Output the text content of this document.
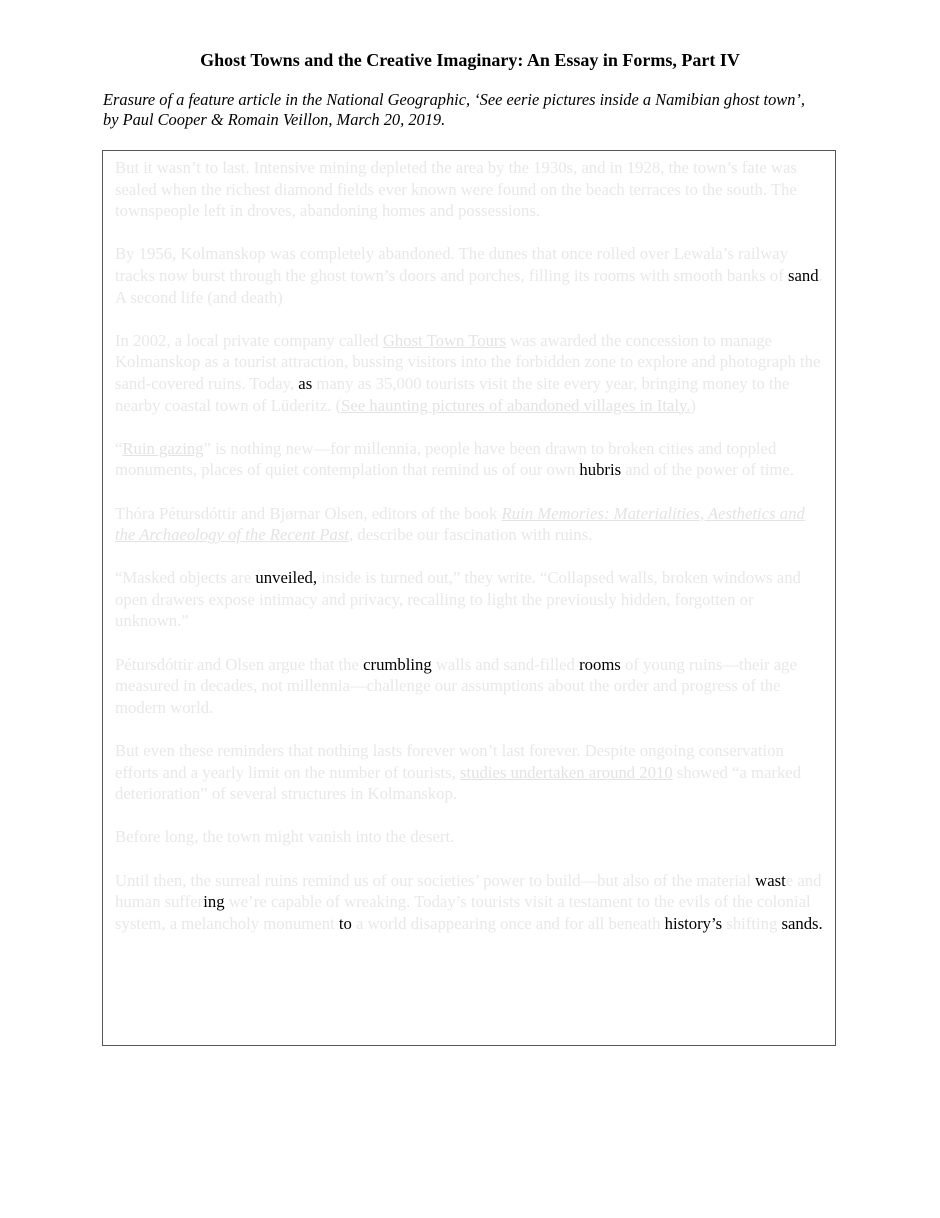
Ghost Towns and the Creative Imaginary: An Essay in Forms, Part IV

Erasure of a feature article in the National Geographic, ‘See eerie pictures inside a Namibian ghost town’, by Paul Cooper & Romain Veillon, March 20, 2019.

But it wasn’t to last. Intensive mining depleted the area by the 1930s, and in 1928, the town’s fate was sealed when the richest diamond fields ever known were found on the beach terraces to the south. The townspeople left in droves, abandoning homes and possessions.

By 1956, Kolmanskop was completely abandoned. The dunes that once rolled over Lewala’s railway tracks now burst through the ghost town’s doors and porches, filling its rooms with smooth banks of sand.

A second life (and death)

In 2002, a local private company called Ghost Town Tours was awarded the concession to manage Kolmanskop as a tourist attraction, bussing visitors into the forbidden zone to explore and photograph the sand-covered ruins. Today, as many as 35,000 tourists visit the site every year, bringing money to the nearby coastal town of Lüderitz. (See haunting pictures of abandoned villages in Italy.)

“Ruin gazing” is nothing new—for millennia, people have been drawn to broken cities and toppled monuments, places of quiet contemplation that remind us of our own hubris and of the power of time.

Thóra Pétursdóttir and Bjørnar Olsen, editors of the book Ruin Memories: Materialities, Aesthetics and the Archaeology of the Recent Past, describe our fascination with ruins.

“Masked objects are unveiled, inside is turned out,” they write. “Collapsed walls, broken windows and open drawers expose intimacy and privacy, recalling to light the previously hidden, forgotten or unknown.”

Pétursdóttir and Olsen argue that the crumbling walls and sand-filled rooms of young ruins—their age measured in decades, not millennia—challenge our assumptions about the order and progress of the modern world.

But even these reminders that nothing lasts forever won’t last forever. Despite ongoing conservation efforts and a yearly limit on the number of tourists, studies undertaken around 2010 showed “a marked deterioration” of several structures in Kolmanskop.

Before long, the town might vanish into the desert.

Until then, the surreal ruins remind us of our societies’ power to build—but also of the material waste and human suffering we’re capable of wreaking. Today’s tourists visit a testament to the evils of the colonial system, a melancholy monument to a world disappearing once and for all beneath history’s shifting sands.
